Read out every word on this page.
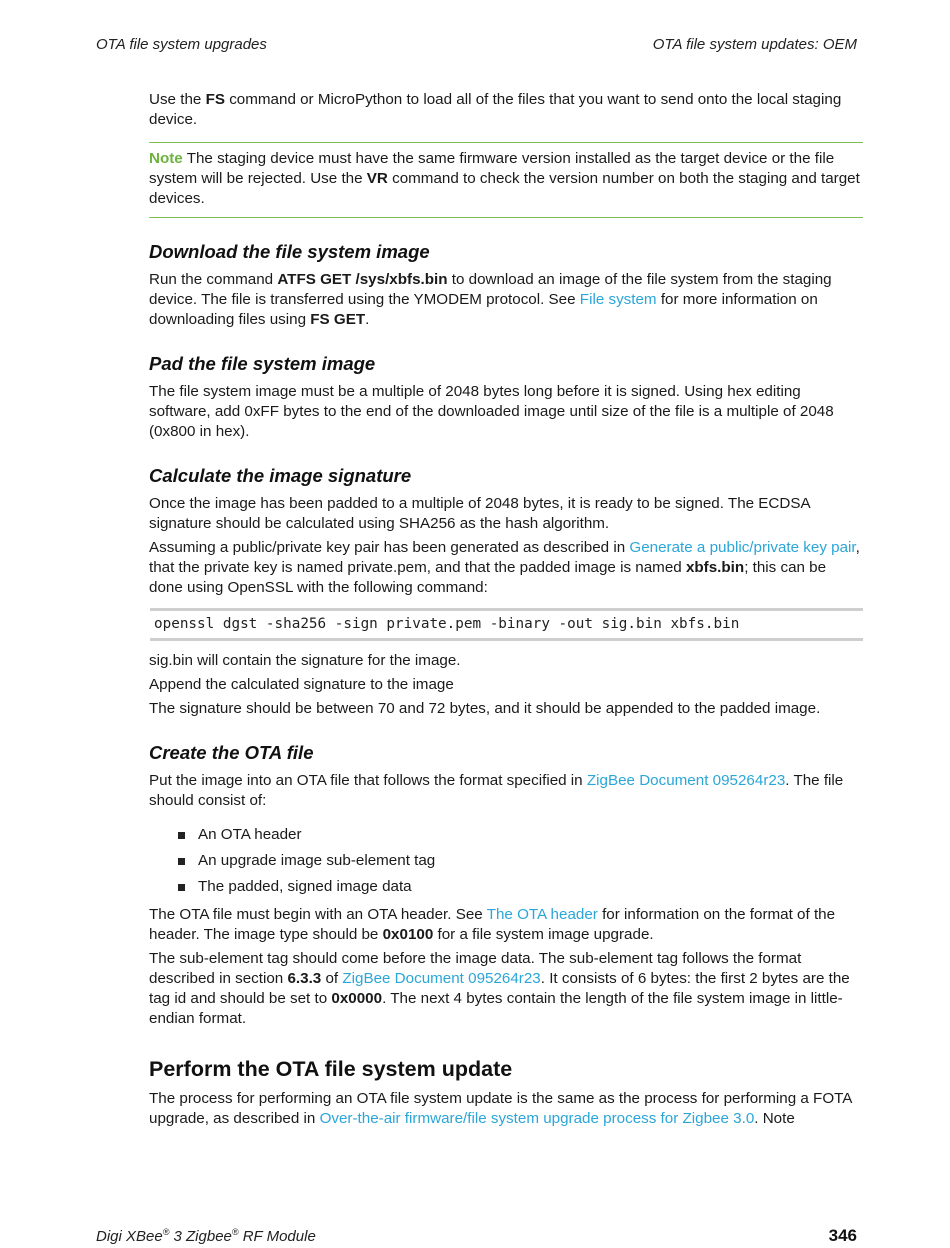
OTA file system upgrades	OTA file system updates: OEM

Use the FS command or MicroPython to load all of the files that you want to send onto the local staging device.

Note The staging device must have the same firmware version installed as the target device or the file system will be rejected. Use the VR command to check the version number on both the staging and target devices.

Download the file system image

Run the command ATFS GET /sys/xbfs.bin to download an image of the file system from the staging device. The file is transferred using the YMODEM protocol. See File system for more information on downloading files using FS GET.

Pad the file system image

The file system image must be a multiple of 2048 bytes long before it is signed. Using hex editing software, add 0xFF bytes to the end of the downloaded image until size of the file is a multiple of 2048 (0x800 in hex).

Calculate the image signature

Once the image has been padded to a multiple of 2048 bytes, it is ready to be signed. The ECDSA signature should be calculated using SHA256 as the hash algorithm.

Assuming a public/private key pair has been generated as described in Generate a public/private key pair, that the private key is named private.pem, and that the padded image is named xbfs.bin; this can be done using OpenSSL with the following command:

openssl dgst -sha256 -sign private.pem -binary -out sig.bin xbfs.bin

sig.bin will contain the signature for the image.

Append the calculated signature to the image

The signature should be between 70 and 72 bytes, and it should be appended to the padded image.

Create the OTA file

Put the image into an OTA file that follows the format specified in ZigBee Document 095264r23. The file should consist of:

An OTA header
An upgrade image sub-element tag
The padded, signed image data

The OTA file must begin with an OTA header. See The OTA header for information on the format of the header. The image type should be 0x0100 for a file system image upgrade.

The sub-element tag should come before the image data. The sub-element tag follows the format described in section 6.3.3 of ZigBee Document 095264r23. It consists of 6 bytes: the first 2 bytes are the tag id and should be set to 0x0000. The next 4 bytes contain the length of the file system image in little-endian format.

Perform the OTA file system update

The process for performing an OTA file system update is the same as the process for performing a FOTA upgrade, as described in Over-the-air firmware/file system upgrade process for Zigbee 3.0. Note

Digi XBee® 3 Zigbee® RF Module	346
